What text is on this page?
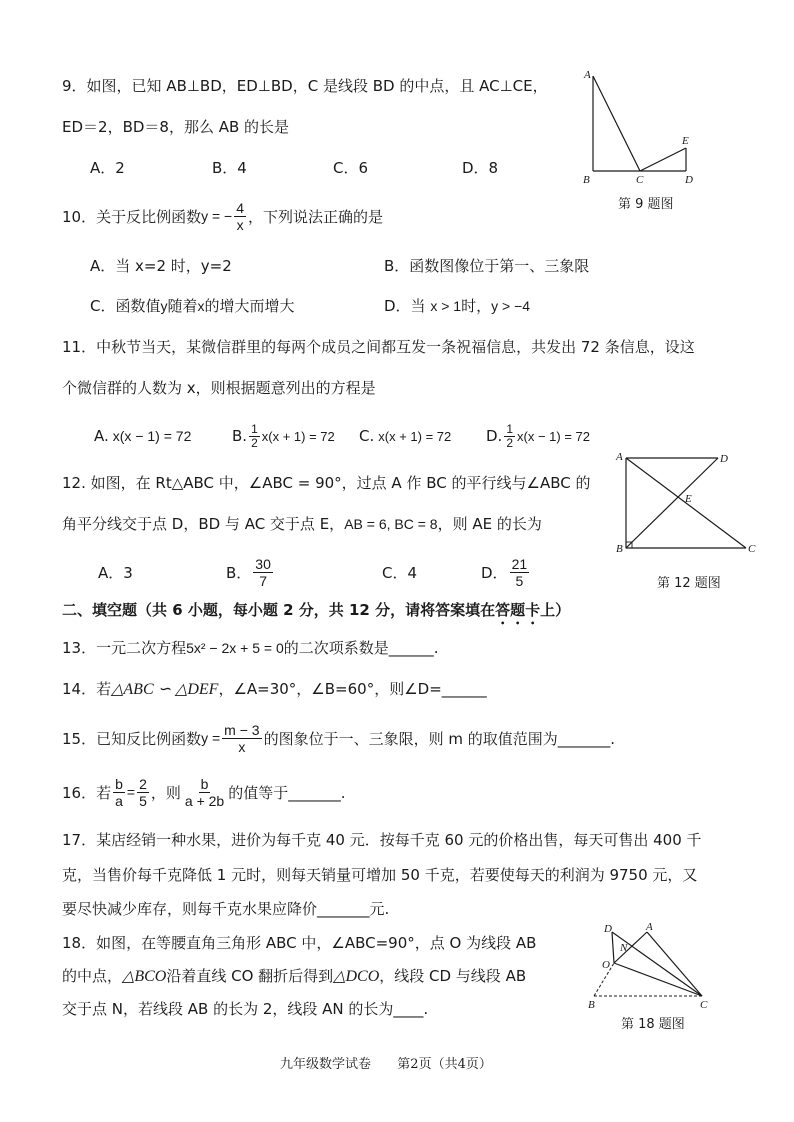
9．如图，已知 AB⊥BD，ED⊥BD，C 是线段 BD 的中点，且 AC⊥CE，
ED＝2，BD＝8，那么 AB 的长是
A．2	B．4	C．6	D．8
A
B	C	D
E
第 9 题图
10．关于反比例函数 y = − $\frac{4}{x}$ ，下列说法正确的是
A．当 x=2 时，y=2	B．函数图像位于第一、三象限
C．函数值y随着x的增大而增大	D．当 x > 1时，y > −4
11．中秋节当天，某微信群里的每两个成员之间都互发一条祝福信息，共发出 72 条信息，设这
个微信群的人数为 x，则根据题意列出的方程是
A. x(x − 1) = 72	B. $\frac{1}{2} x(x + 1) = 72$ C. x(x + 1) = 72 D. $\frac{1}{2} x(x - 1) = 72$
12. 如图，在 Rt△ABC 中，∠ABC = 90°，过点 A 作 BC 的平行线与∠ABC 的
角平分线交于点 D，BD 与 AC 交于点 E，AB = 6, BC = 8，则 AE 的长为
A．3	B． $\frac{30}{7}$	C．4	D． $\frac{21}{5}$
A
B	C
D
E
第 12 题图
二、填空题（共 6 小题，每小题 2 分，共 12 分，请将答案填在答题卡上）
13．一元二次方程5x² − 2x + 5 = 0的二次项系数是______.
14．若△ABC ∽ △DEF，∠A=30°，∠B=60°，则∠D=______
15．已知反比例函数 $y = \frac{m - 3}{x}$ 的图象位于一、三象限，则 m 的取值范围为_______.
16．若 $\frac{b}{a} = \frac{2}{5}$ ，则 $\frac{b}{a + 2b}$ 的值等于_______.
17．某店经销一种水果，进价为每千克 40 元．按每千克 60 元的价格出售，每天可售出 400 千
克，当售价每千克降低 1 元时，则每天销量可增加 50 千克，若要使每天的利润为 9750 元，又
要尽快减少库存，则每千克水果应降价_______元.
18．如图，在等腰直角三角形 ABC 中，∠ABC=90°，点 O 为线段 AB
的中点，△BCO沿着直线 CO 翻折后得到△DCO，线段 CD 与线段 AB
交于点 N，若线段 AB 的长为 2，线段 AN 的长为____.
D	A
N
O
B	C
第 18 题图
九年级数学试卷 第2页（共4页）
